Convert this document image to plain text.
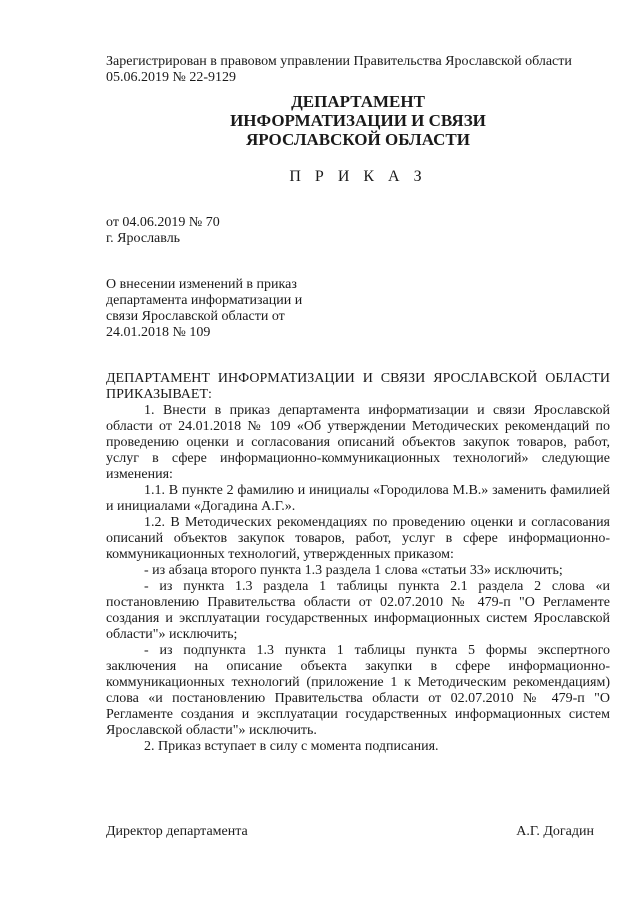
Зарегистрирован в правовом управлении Правительства Ярославской области
05.06.2019 № 22-9129
ДЕПАРТАМЕНТ
ИНФОРМАТИЗАЦИИ И СВЯЗИ
ЯРОСЛАВСКОЙ ОБЛАСТИ
П Р И К А З
от 04.06.2019 № 70
г. Ярославль
О внесении изменений в приказ департамента информатизации и связи Ярославской области от 24.01.2018 № 109
ДЕПАРТАМЕНТ ИНФОРМАТИЗАЦИИ И СВЯЗИ ЯРОСЛАВСКОЙ ОБЛАСТИ ПРИКАЗЫВАЕТ:
1. Внести в приказ департамента информатизации и связи Ярославской области от 24.01.2018 № 109 «Об утверждении Методических рекомендаций по проведению оценки и согласования описаний объектов закупок товаров, работ, услуг в сфере информационно-коммуникационных технологий» следующие изменения:
1.1. В пункте 2 фамилию и инициалы «Городилова М.В.» заменить фамилией и инициалами «Догадина А.Г.».
1.2. В Методических рекомендациях по проведению оценки и согласования описаний объектов закупок товаров, работ, услуг в сфере информационно-коммуникационных технологий, утвержденных приказом:
- из абзаца второго пункта 1.3 раздела 1 слова «статьи 33» исключить;
- из пункта 1.3 раздела 1 таблицы пункта 2.1 раздела 2 слова «и постановлению Правительства области от 02.07.2010 № 479-п "О Регламенте создания и эксплуатации государственных информационных систем Ярославской области"» исключить;
- из подпункта 1.3 пункта 1 таблицы пункта 5 формы экспертного заключения на описание объекта закупки в сфере информационно-коммуникационных технологий (приложение 1 к Методическим рекомендациям) слова «и постановлению Правительства области от 02.07.2010 № 479-п "О Регламенте создания и эксплуатации государственных информационных систем Ярославской области"» исключить.
2. Приказ вступает в силу с момента подписания.
Директор департамента	А.Г. Догадин
